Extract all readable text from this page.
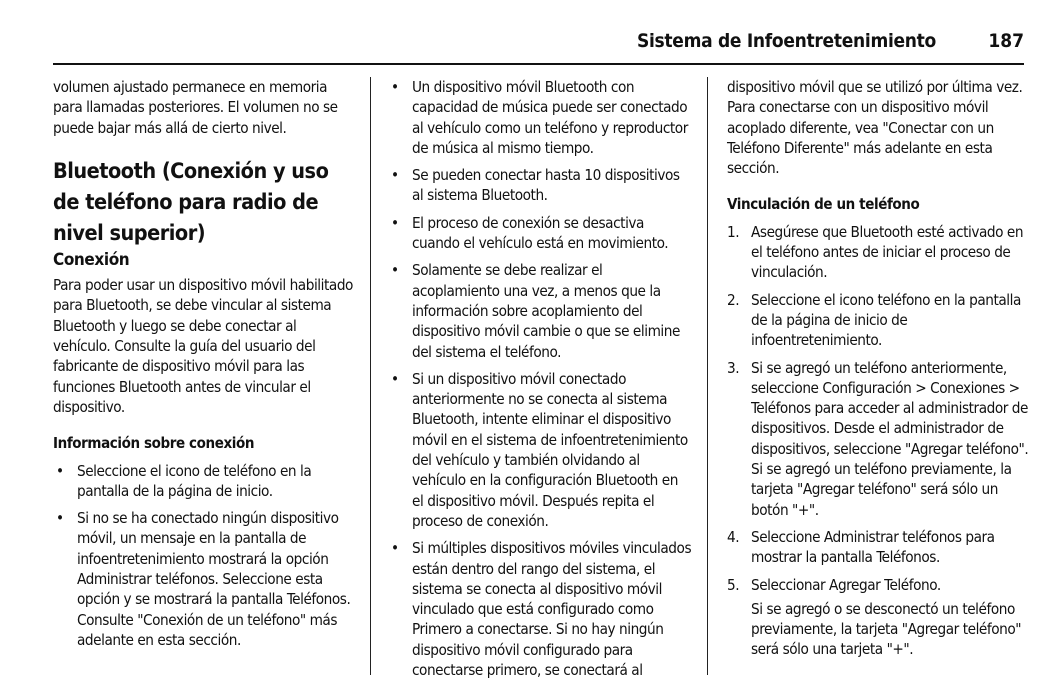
Sistema de Infoentretenimiento	187

volumen ajustado permanece en memoria para llamadas posteriores. El volumen no se puede bajar más allá de cierto nivel.

Bluetooth (Conexión y uso de teléfono para radio de nivel superior)
Conexión

Para poder usar un dispositivo móvil habilitado para Bluetooth, se debe vincular al sistema Bluetooth y luego se debe conectar al vehículo. Consulte la guía del usuario del fabricante de dispositivo móvil para las funciones Bluetooth antes de vincular el dispositivo.

Información sobre conexión
• Seleccione el icono de teléfono en la pantalla de la página de inicio.
• Si no se ha conectado ningún dispositivo móvil, un mensaje en la pantalla de infoentretenimiento mostrará la opción Administrar teléfonos. Seleccione esta opción y se mostrará la pantalla Teléfonos. Consulte "Conexión de un teléfono" más adelante en esta sección.
• Un dispositivo móvil Bluetooth con capacidad de música puede ser conectado al vehículo como un teléfono y reproductor de música al mismo tiempo.
• Se pueden conectar hasta 10 dispositivos al sistema Bluetooth.
• El proceso de conexión se desactiva cuando el vehículo está en movimiento.
• Solamente se debe realizar el acoplamiento una vez, a menos que la información sobre acoplamiento del dispositivo móvil cambie o que se elimine del sistema el teléfono.
• Si un dispositivo móvil conectado anteriormente no se conecta al sistema Bluetooth, intente eliminar el dispositivo móvil en el sistema de infoentretenimiento del vehículo y también olvidando al vehículo en la configuración Bluetooth en el dispositivo móvil. Después repita el proceso de conexión.
• Si múltiples dispositivos móviles vinculados están dentro del rango del sistema, el sistema se conecta al dispositivo móvil vinculado que está configurado como Primero a conectarse. Si no hay ningún dispositivo móvil configurado para conectarse primero, se conectará al

dispositivo móvil que se utilizó por última vez. Para conectarse con un dispositivo móvil acoplado diferente, vea "Conectar con un Teléfono Diferente" más adelante en esta sección.

Vinculación de un teléfono
1. Asegúrese que Bluetooth esté activado en el teléfono antes de iniciar el proceso de vinculación.
2. Seleccione el icono teléfono en la pantalla de la página de inicio de infoentretenimiento.
3. Si se agregó un teléfono anteriormente, seleccione Configuración > Conexiones > Teléfonos para acceder al administrador de dispositivos. Desde el administrador de dispositivos, seleccione "Agregar teléfono". Si se agregó un teléfono previamente, la tarjeta "Agregar teléfono" será sólo un botón "+".
4. Seleccione Administrar teléfonos para mostrar la pantalla Teléfonos.
5. Seleccionar Agregar Teléfono.

Si se agregó o se desconectó un teléfono previamente, la tarjeta "Agregar teléfono" será sólo una tarjeta "+".
